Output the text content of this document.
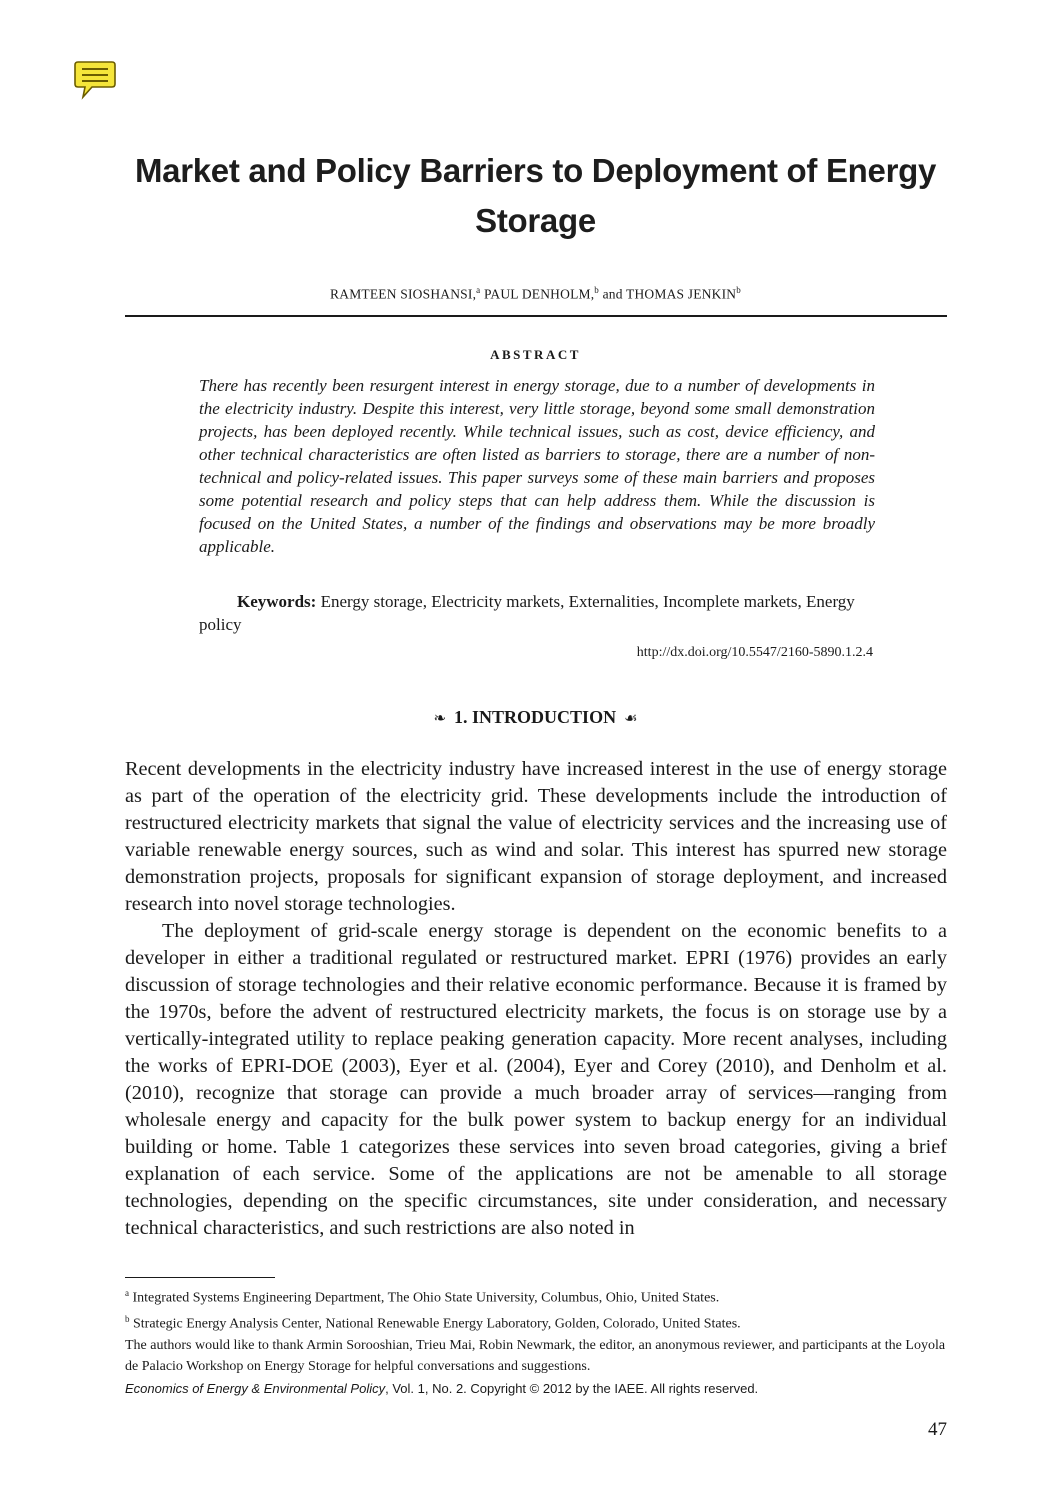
Market and Policy Barriers to Deployment of Energy Storage
RAMTEEN SIOSHANSI,$^a$ PAUL DENHOLM,$^b$ and THOMAS JENKIN$^b$
ABSTRACT

There has recently been resurgent interest in energy storage, due to a number of developments in the electricity industry. Despite this interest, very little storage, beyond some small demonstration projects, has been deployed recently. While technical issues, such as cost, device efficiency, and other technical characteristics are often listed as barriers to storage, there are a number of non-technical and policy-related issues. This paper surveys some of these main barriers and proposes some potential research and policy steps that can help address them. While the discussion is focused on the United States, a number of the findings and observations may be more broadly applicable.

Keywords: Energy storage, Electricity markets, Externalities, Incomplete markets, Energy policy

http://dx.doi.org/10.5547/2160-5890.1.2.4
❧ 1. INTRODUCTION ☙

Recent developments in the electricity industry have increased interest in the use of energy storage as part of the operation of the electricity grid. These developments include the introduction of restructured electricity markets that signal the value of electricity services and the increasing use of variable renewable energy sources, such as wind and solar. This interest has spurred new storage demonstration projects, proposals for significant expansion of storage deployment, and increased research into novel storage technologies.

The deployment of grid-scale energy storage is dependent on the economic benefits to a developer in either a traditional regulated or restructured market. EPRI (1976) provides an early discussion of storage technologies and their relative economic performance. Because it is framed by the 1970s, before the advent of restructured electricity markets, the focus is on storage use by a vertically-integrated utility to replace peaking generation capacity. More recent analyses, including the works of EPRI-DOE (2003), Eyer et al. (2004), Eyer and Corey (2010), and Denholm et al. (2010), recognize that storage can provide a much broader array of services—ranging from wholesale energy and capacity for the bulk power system to backup energy for an individual building or home. Table 1 categorizes these services into seven broad categories, giving a brief explanation of each service. Some of the applications are not be amenable to all storage technologies, depending on the specific circumstances, site under consideration, and necessary technical characteristics, and such restrictions are also noted in

$^a$ Integrated Systems Engineering Department, The Ohio State University, Columbus, Ohio, United States.
$^b$ Strategic Energy Analysis Center, National Renewable Energy Laboratory, Golden, Colorado, United States.

The authors would like to thank Armin Sorooshian, Trieu Mai, Robin Newmark, the editor, an anonymous reviewer, and participants at the Loyola de Palacio Workshop on Energy Storage for helpful conversations and suggestions.

Economics of Energy & Environmental Policy, Vol. 1, No. 2. Copyright © 2012 by the IAEE. All rights reserved.
47
